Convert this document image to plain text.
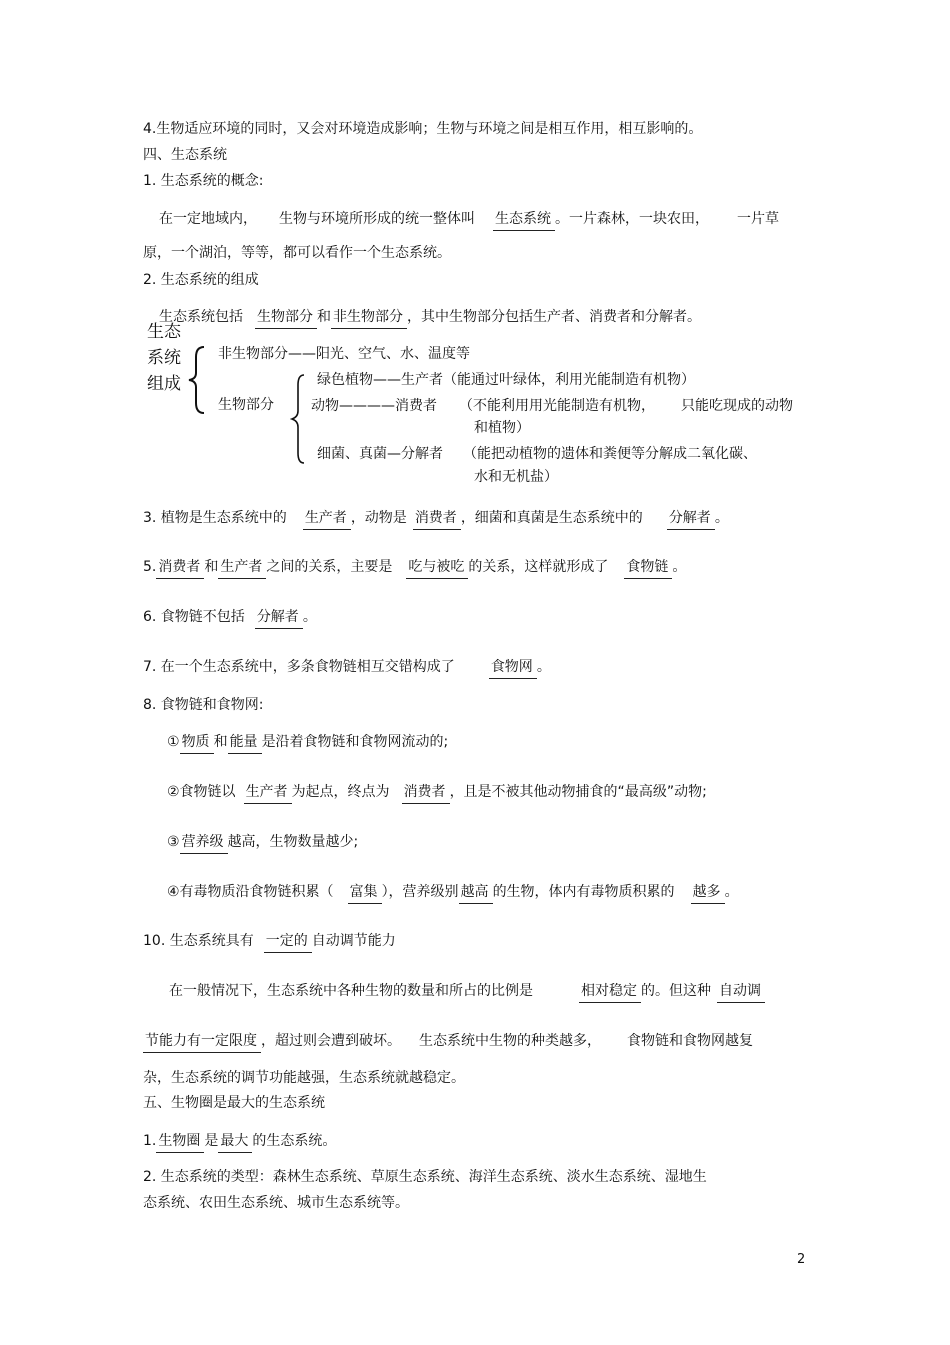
4.生物适应环境的同时，又会对环境造成影响；生物与环境之间是相互作用，相互影响的。
四、生态系统
1. 生态系统的概念:
在一定地域内， 生物与环境所形成的统一整体叫 生态系统 。一片森林，一块农田， 一片草
原，一个湖泊，等等，都可以看作一个生态系统。
2. 生态系统的组成
生态系统包括 生物部分 和 非生物部分 ，其中生物部分包括生产者、消费者和分解者。
生态
系统
组成
非生物部分——阳光、空气、水、温度等
生物部分
绿色植物——生产者（能通过叶绿体，利用光能制造有机物）
动物————消费者 （不能利用用光能制造有机物， 只能吃现成的动物
和植物）
细菌、真菌—分解者 （能把动植物的遗体和粪便等分解成二氧化碳、
水和无机盐）
3. 植物是生态系统中的 生产者 ，动物是 消费者 ，细菌和真菌是生态系统中的 分解者 。
5. 消费者 和 生产者 之间的关系，主要是 吃与被吃 的关系，这样就形成了 食物链 。
6. 食物链不包括 分解者 。
7. 在一个生态系统中，多条食物链相互交错构成了	食物网 。
8. 食物链和食物网:
① 物质 和 能量 是沿着食物链和食物网流动的;
②食物链以 生产者 为起点，终点为 消费者 ，且是不被其他动物捕食的“最高级”动物;
③ 营养级 越高，生物数量越少;
④有毒物质沿食物链积累（ 富集 ），营养级别 越高 的生物，体内有毒物质积累的 越多 。
10. 生态系统具有 一定的 自动调节能力
在一般情况下，生态系统中各种生物的数量和所占的比例是	相对稳定 的。但这种 自动调
节能力有一定限度 ，超过则会遭到破坏。 生态系统中生物的种类越多， 食物链和食物网越复
杂，生态系统的调节功能越强，生态系统就越稳定。
五、生物圈是最大的生态系统
1. 生物圈 是 最大 的生态系统。
2. 生态系统的类型：森林生态系统、草原生态系统、海洋生态系统、淡水生态系统、湿地生
态系统、农田生态系统、城市生态系统等。
2
